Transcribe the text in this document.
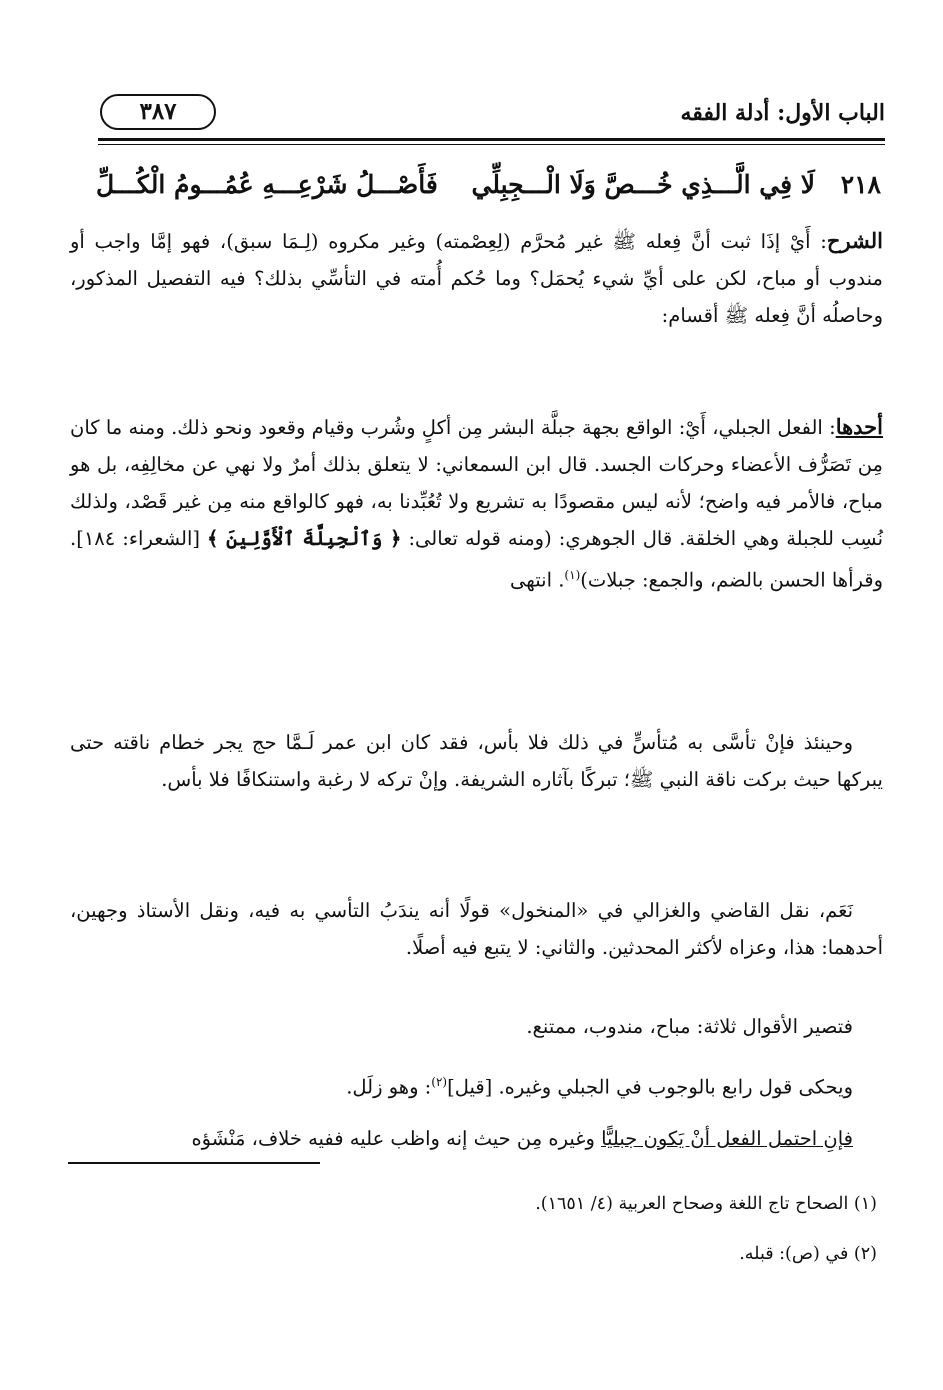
الباب الأول: أدلة الفقه
٣٨٧
٢١٨
لَا فِي الَّـــذِي خُـــصَّ وَلَا الْـــجِبِلِّي
فَأَصْـــلُ شَرْعِـــهِ عُمُـــومُ الْكُـــلِّ

الشرح: أَيْ إذَا ثبت أنَّ فِعله ﷺ غير مُحرَّم (لِعِصْمته) وغير مكروه (لِـمَا سبق)، فهو إمَّا واجب أو مندوب أو مباح، لكن على أيِّ شيء يُحمَل؟ وما حُكم أُمته في التأسِّي بذلك؟ فيه التفصيل المذكور، وحاصلُه أنَّ فِعله ﷺ أقسام:

أحدها: الفعل الجبلي، أَيْ: الواقع بجهة جبلَّة البشر مِن أكلٍ وشُرب وقيام وقعود ونحو ذلك. ومنه ما كان مِن تَصَرُّف الأعضاء وحركات الجسد. قال ابن السمعاني: لا يتعلق بذلك أمرٌ ولا نهي عن مخالِفِه، بل هو مباح، فالأمر فيه واضح؛ لأنه ليس مقصودًا به تشريع ولا تُعُبِّدنا به، فهو كالواقع منه مِن غير قَصْد، ولذلك نُسِب للجبلة وهي الخلقة. قال الجوهري: (ومنه قوله تعالى: ﴿ وَٱلْجِبِلَّةَ ٱلْأَوَّلِينَ ﴾ [الشعراء: ١٨٤]. وقرأها الحسن بالضم، والجمع: جبلات)$^{(١)}$. انتهى

وحينئذ فإنْ تأسَّى به مُتأسٍّ في ذلك فلا بأس، فقد كان ابن عمر لَـمَّا حج يجر خطام ناقته حتى يبركها حيث بركت ناقة النبي ﷺ؛ تبركًا بآثاره الشريفة. وإنْ تركه لا رغبة واستنكافًا فلا بأس.

نَعَم، نقل القاضي والغزالي في «المنخول» قولًا أنه يندَبُ التأسي به فيه، ونقل الأستاذ وجهين، أحدهما: هذا، وعزاه لأكثر المحدثين. والثاني: لا يتبع فيه أصلًا.

فتصير الأقوال ثلاثة: مباح، مندوب، ممتنع.

ويحكى قول رابع بالوجوب في الجبلي وغيره. [قيل]$^{(٢)}$: وهو زلَل.

فإنِ احتمل الفعل أنْ يَكون جبليًّا وغيره مِن حيث إنه واظب عليه ففيه خلاف، مَنْشَؤه

(١) الصحاح تاج اللغة وصحاح العربية (٤/ ١٦٥١).
(٢) في (ص): قبله.
